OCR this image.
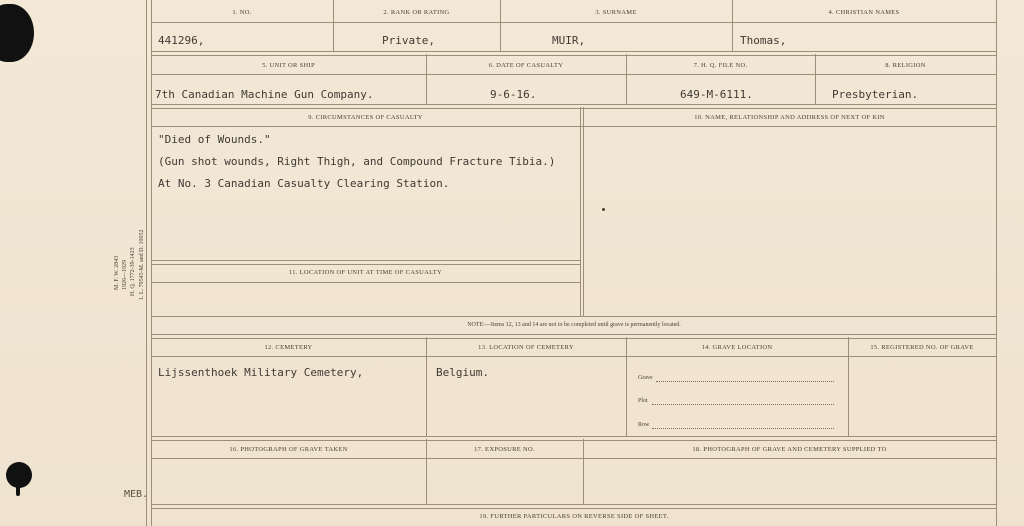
M. F. W. 2843 1926—1929 H. Q. 1772-39-1423 1. L. 79545-M. and D. 10052
1. NO.	2. RANK OR RATING	3. SURNAME	4. CHRISTIAN NAMES
441296,	Private,	MUIR,	Thomas,
5. UNIT OR SHIP	6. DATE OF CASUALTY	7. H. Q. FILE NO.	8. RELIGION
7th Canadian Machine Gun Company.	9-6-16.	649-M-6111.	Presbyterian.
9. CIRCUMSTANCES OF CASUALTY	10. NAME, RELATIONSHIP AND ADDRESS OF NEXT OF KIN
"Died of Wounds."
(Gun shot wounds, Right Thigh, and Compound Fracture Tibia.)
At No. 3 Canadian Casualty Clearing Station.
11. LOCATION OF UNIT AT TIME OF CASUALTY
NOTE:—Items 12, 13 and 14 are not to be completed until grave is permanently located.
12. CEMETERY	13. LOCATION OF CEMETERY	14. GRAVE LOCATION	15. REGISTERED NO. OF GRAVE
Lijssenthoek Military Cemetery,	Belgium.	Grave
Plot
Row
16. PHOTOGRAPH OF GRAVE TAKEN	17. EXPOSURE NO.	18. PHOTOGRAPH OF GRAVE AND CEMETERY SUPPLIED TO
19. FURTHER PARTICULARS ON REVERSE SIDE OF SHEET.
MEB.
